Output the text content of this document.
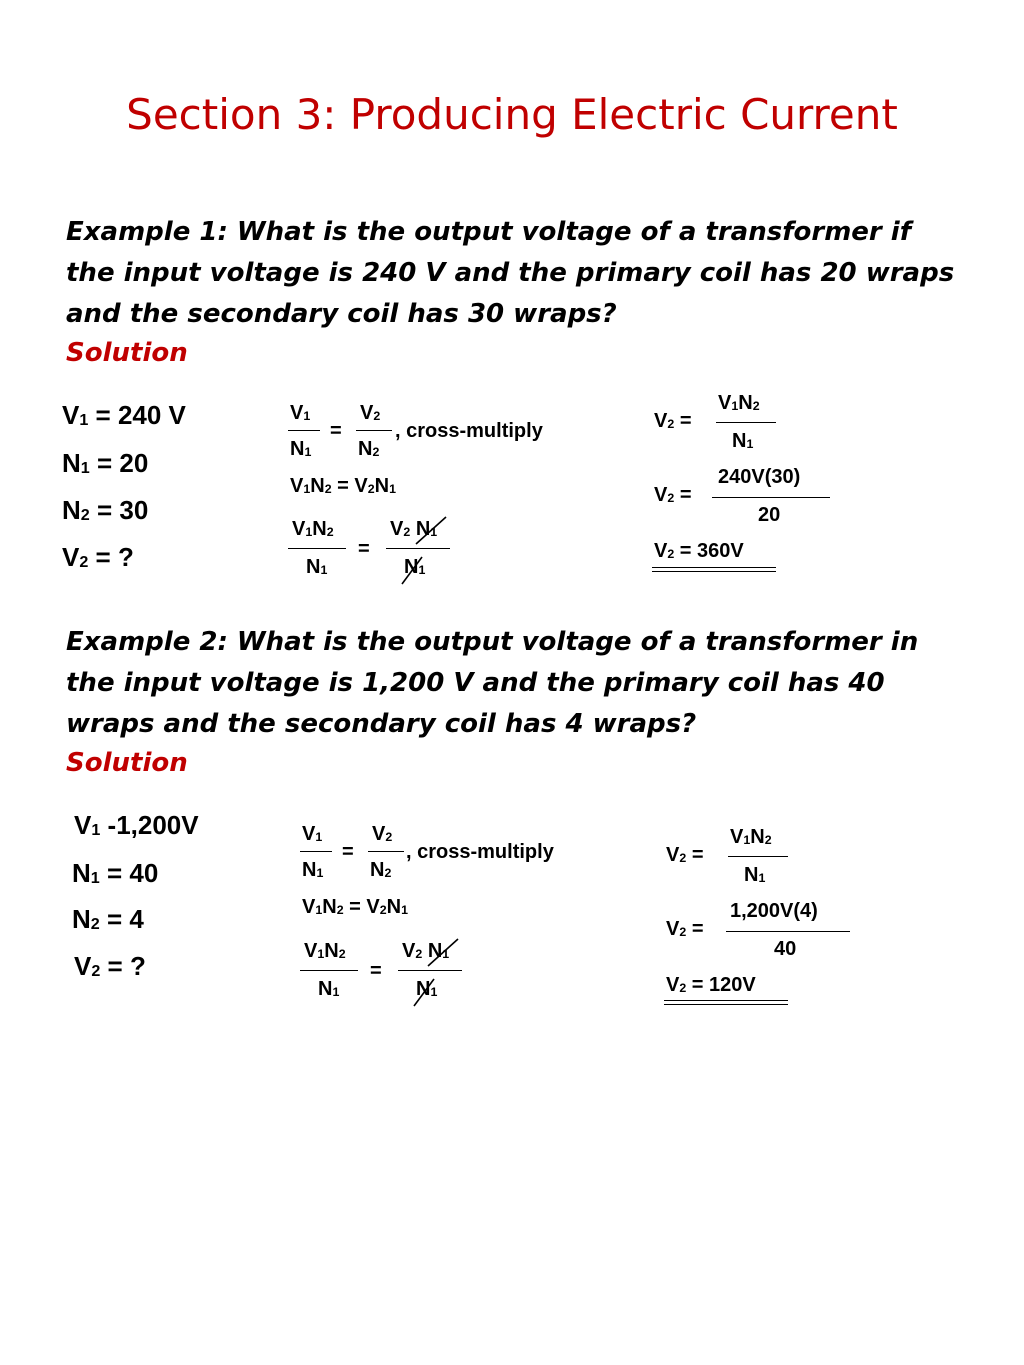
Section 3: Producing Electric Current
Example 1: What is the output voltage of a transformer if the input voltage is 240 V and the primary coil has 20 wraps and the secondary coil has 30 wraps?
Solution
$V_1 = 240$ V
$N_1 = 20$
$N_2 = 30$
$V_2$ = ?
$V_1$
$N_1$
=
$V_2$
$N_2$
, cross-multiply
$V_1N_2 = V_2N_1$
$V_1N_2$
$N_1$
=
$V_2$ $N_1$
$N_1$
$V_2$ =
$V_1N_2$
$N_1$
$V_2$ =
240V(30)
20
$V_2 = 360V$
Example 2: What is the output voltage of a transformer in the input voltage is 1,200 V and the primary coil has 40 wraps and the secondary coil has 4 wraps?
Solution
$V_1$ -1,200V
$N_1 = 40$
$N_2 = 4$
$V_2$ = ?
$V_1$
$N_1$
=
$V_2$
$N_2$
, cross-multiply
$V_1N_2 = V_2N_1$
$V_1N_2$
$N_1$
=
$V_2$ $N_1$
$N_1$
$V_2$ =
$V_1N_2$
$N_1$
$V_2$ =
1,200V(4)
40
$V_2 = 120V$
